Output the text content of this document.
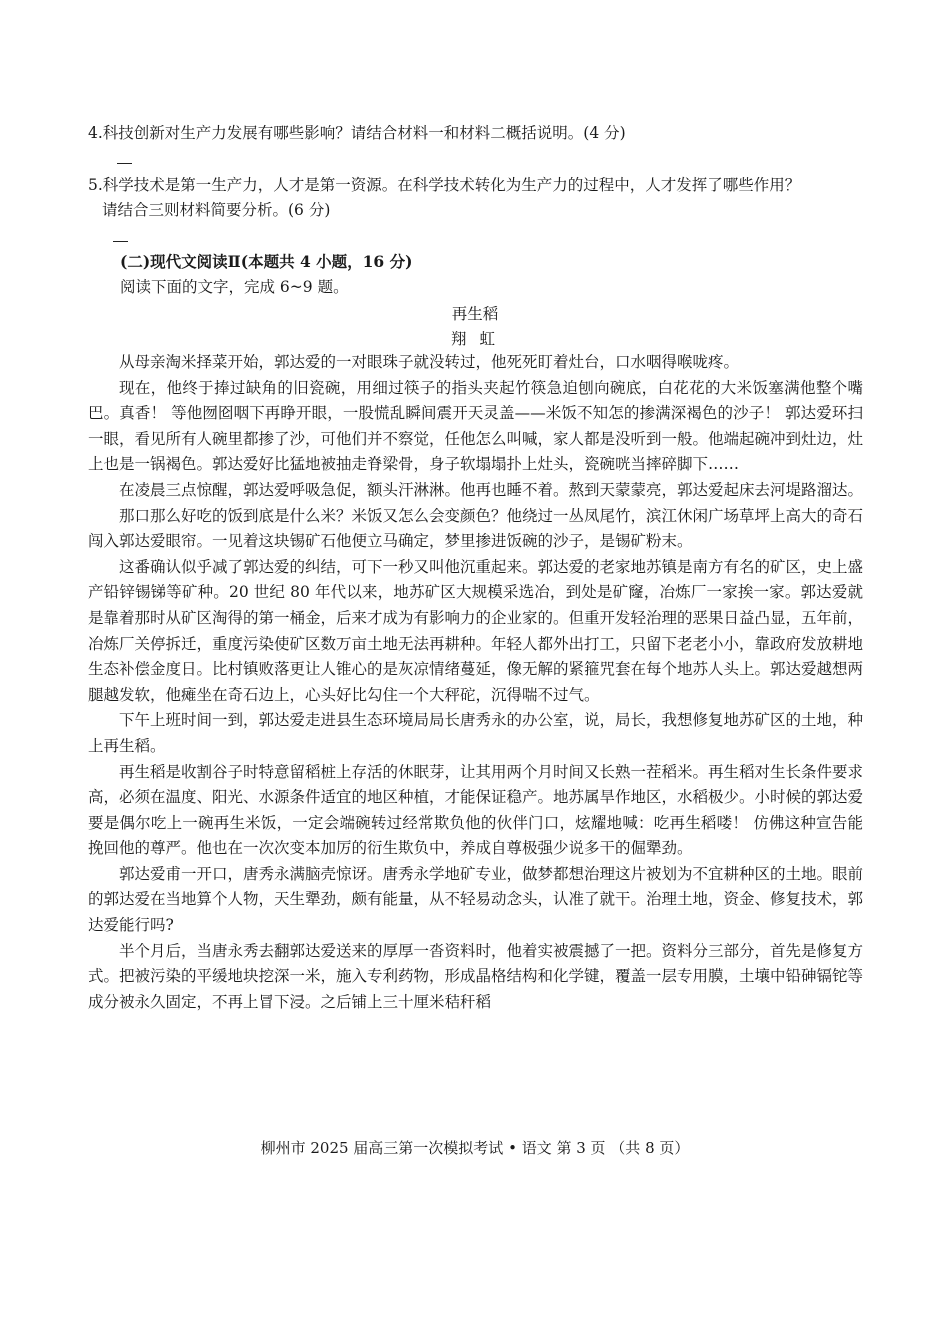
4.科技创新对生产力发展有哪些影响？请结合材料一和材料二概括说明。(4 分)

5.科学技术是第一生产力，人才是第一资源。在科学技术转化为生产力的过程中，人才发挥了哪些作用？

请结合三则材料简要分析。(6 分)

(二)现代文阅读Ⅱ(本题共 4 小题，16 分)

阅读下面的文字，完成 6~9 题。

再生稻

翔 虹

从母亲淘米择菜开始，郭达爱的一对眼珠子就没转过，他死死盯着灶台，口水咽得喉咙疼。

现在，他终于捧过缺角的旧瓷碗，用细过筷子的指头夹起竹筷急迫刨向碗底，白花花的大米饭塞满他整个嘴巴。真香！ 等他囫囵咽下再睁开眼，一股慌乱瞬间震开天灵盖——米饭不知怎的掺满深褐色的沙子！ 郭达爱环扫一眼，看见所有人碗里都掺了沙，可他们并不察觉，任他怎么叫喊，家人都是没听到一般。他端起碗冲到灶边，灶上也是一锅褐色。郭达爱好比猛地被抽走脊梁骨，身子软塌塌扑上灶头，瓷碗咣当摔碎脚下……

在凌晨三点惊醒，郭达爱呼吸急促，额头汗淋淋。他再也睡不着。熬到天蒙蒙亮，郭达爱起床去河堤路溜达。

那口那么好吃的饭到底是什么米？米饭又怎么会变颜色？他绕过一丛凤尾竹，滨江休闲广场草坪上高大的奇石闯入郭达爱眼帘。一见着这块锡矿石他便立马确定，梦里掺进饭碗的沙子，是锡矿粉末。

这番确认似乎减了郭达爱的纠结，可下一秒又叫他沉重起来。郭达爱的老家地苏镇是南方有名的矿区，史上盛产铅锌锡锑等矿种。20 世纪 80 年代以来，地苏矿区大规模采选冶，到处是矿窿，冶炼厂一家挨一家。郭达爱就是靠着那时从矿区淘得的第一桶金，后来才成为有影响力的企业家的。但重开发轻治理的恶果日益凸显，五年前，冶炼厂关停拆迁，重度污染使矿区数万亩土地无法再耕种。年轻人都外出打工，只留下老老小小，靠政府发放耕地生态补偿金度日。比村镇败落更让人锥心的是灰凉情绪蔓延，像无解的紧箍咒套在每个地苏人头上。郭达爱越想两腿越发软，他瘫坐在奇石边上，心头好比勾住一个大秤砣，沉得喘不过气。

下午上班时间一到，郭达爱走进县生态环境局局长唐秀永的办公室，说，局长，我想修复地苏矿区的土地，种上再生稻。

再生稻是收割谷子时特意留稻桩上存活的休眠芽，让其用两个月时间又长熟一茬稻米。再生稻对生长条件要求高，必须在温度、阳光、水源条件适宜的地区种植，才能保证稳产。地苏属旱作地区，水稻极少。小时候的郭达爱要是偶尔吃上一碗再生米饭，一定会端碗转过经常欺负他的伙伴门口，炫耀地喊：吃再生稻喽！ 仿佛这种宣告能挽回他的尊严。他也在一次次变本加厉的衍生欺负中，养成自尊极强少说多干的倔犟劲。

郭达爱甫一开口，唐秀永满脑壳惊讶。唐秀永学地矿专业，做梦都想治理这片被划为不宜耕种区的土地。眼前的郭达爱在当地算个人物，天生犟劲，颇有能量，从不轻易动念头，认准了就干。治理土地，资金、修复技术，郭达爱能行吗?

半个月后，当唐永秀去翻郭达爱送来的厚厚一沓资料时，他着实被震撼了一把。资料分三部分，首先是修复方式。把被污染的平缓地块挖深一米，施入专利药物，形成晶格结构和化学键，覆盖一层专用膜，土壤中铅砷镉铊等成分被永久固定，不再上冒下浸。之后铺上三十厘米秸秆稻

柳州市 2025 届高三第一次模拟考试 • 语文 第 3 页 （共 8 页）
